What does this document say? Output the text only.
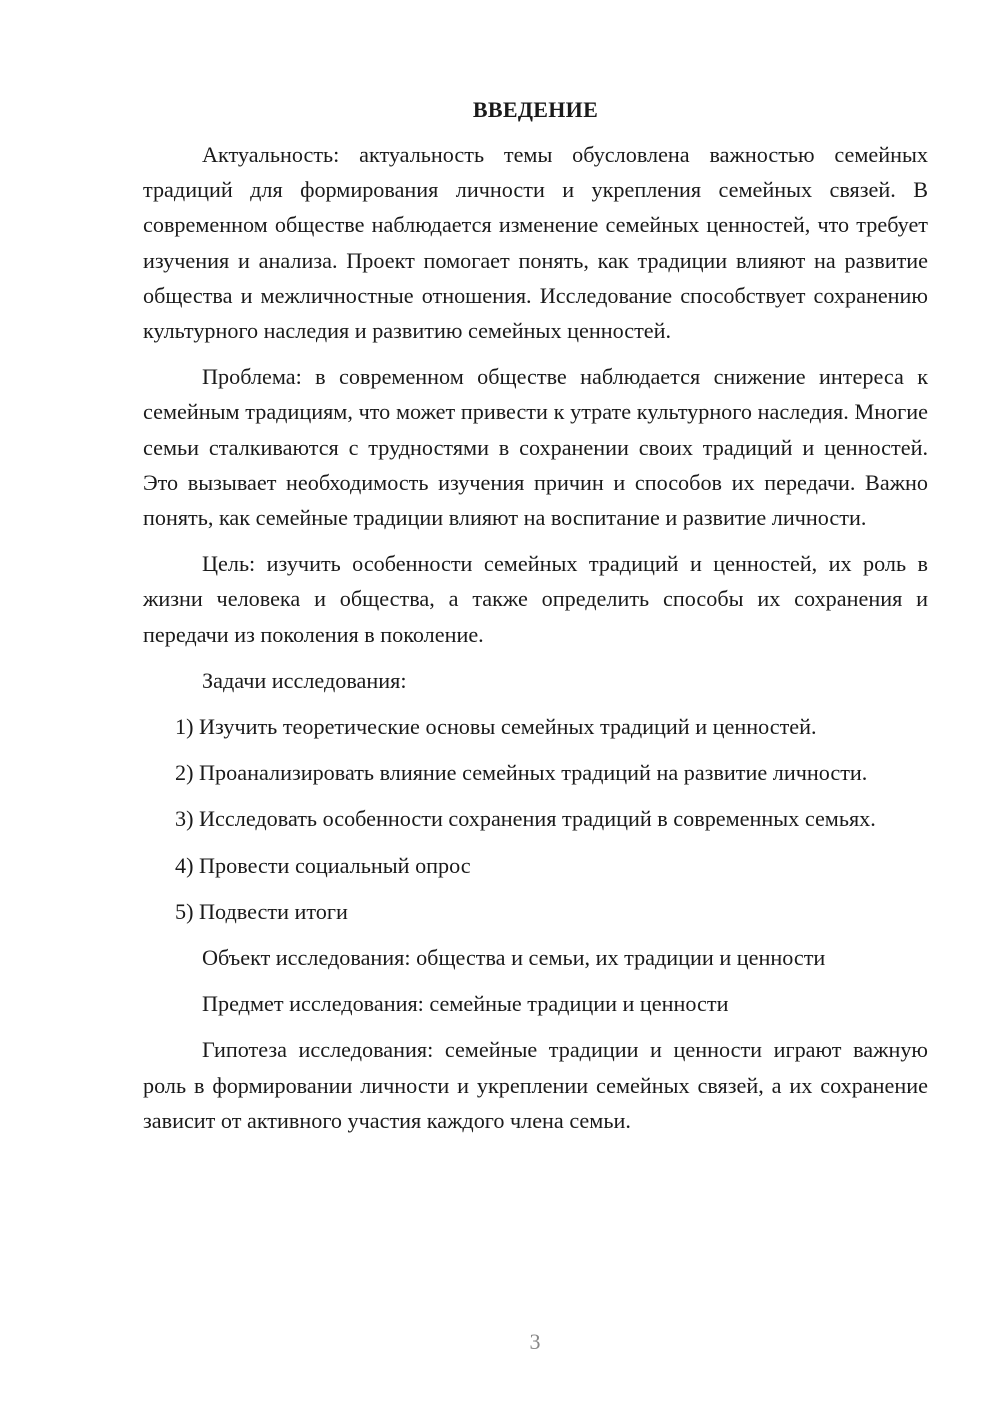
ВВЕДЕНИЕ

Актуальность: актуальность темы обусловлена важностью семейных традиций для формирования личности и укрепления семейных связей. В современном обществе наблюдается изменение семейных ценностей, что требует изучения и анализа. Проект помогает понять, как традиции влияют на развитие общества и межличностные отношения. Исследование способствует сохранению культурного наследия и развитию семейных ценностей.

Проблема: в современном обществе наблюдается снижение интереса к семейным традициям, что может привести к утрате культурного наследия. Многие семьи сталкиваются с трудностями в сохранении своих традиций и ценностей. Это вызывает необходимость изучения причин и способов их передачи. Важно понять, как семейные традиции влияют на воспитание и развитие личности.

Цель: изучить особенности семейных традиций и ценностей, их роль в жизни человека и общества, а также определить способы их сохранения и передачи из поколения в поколение.

Задачи исследования:

1) Изучить теоретические основы семейных традиций и ценностей.

2) Проанализировать влияние семейных традиций на развитие личности.

3) Исследовать особенности сохранения традиций в современных семьях.

4) Провести социальный опрос

5) Подвести итоги

Объект исследования: общества и семьи, их традиции и ценности

Предмет исследования: семейные традиции и ценности

Гипотеза исследования: семейные традиции и ценности играют важную роль в формировании личности и укреплении семейных связей, а их сохранение зависит от активного участия каждого члена семьи.

3
